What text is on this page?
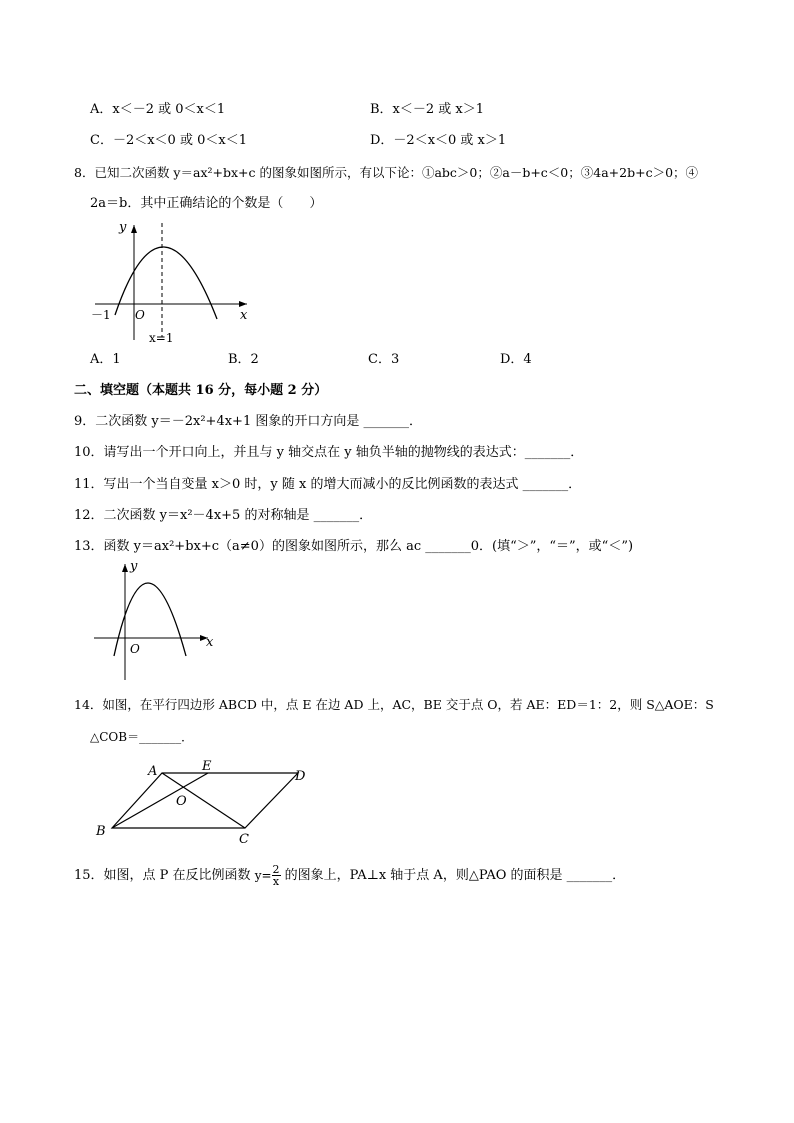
A．x＜－2 或 0＜x＜1	B．x＜－2 或 x＞1
C．－2＜x＜0 或 0＜x＜1	D．－2＜x＜0 或 x＞1
8．已知二次函数 y＝ax²+bx+c 的图象如图所示，有以下论：①abc＞0；②a－b+c＜0；③4a+2b+c＞0；④
2a＝b．其中正确结论的个数是（　　）
y
x
O
－1
x=1
A．1	B．2	C．3	D．4
二、填空题（本题共 16 分，每小题 2 分）
9．二次函数 y＝－2x²+4x+1 图象的开口方向是 _______．
10．请写出一个开口向上，并且与 y 轴交点在 y 轴负半轴的抛物线的表达式：_______．
11．写出一个当自变量 x＞0 时，y 随 x 的增大而减小的反比例函数的表达式 _______．
12．二次函数 y＝x²－4x+5 的对称轴是 _______．
13．函数 y＝ax²+bx+c（a≠0）的图象如图所示，那么 ac _______0．(填“＞”，“＝”，或“＜”)
y
x
O
14．如图，在平行四边形 ABCD 中，点 E 在边 AD 上，AC，BE 交于点 O，若 AE：ED＝1：2，则 S△AOE：S
△COB＝_______．
A	E
D
O
B
C
15．如图，点 P 在反比例函数 $y= \frac{2}{x}$ 的图象上，PA⊥x 轴于点 A，则△PAO 的面积是 _______．
